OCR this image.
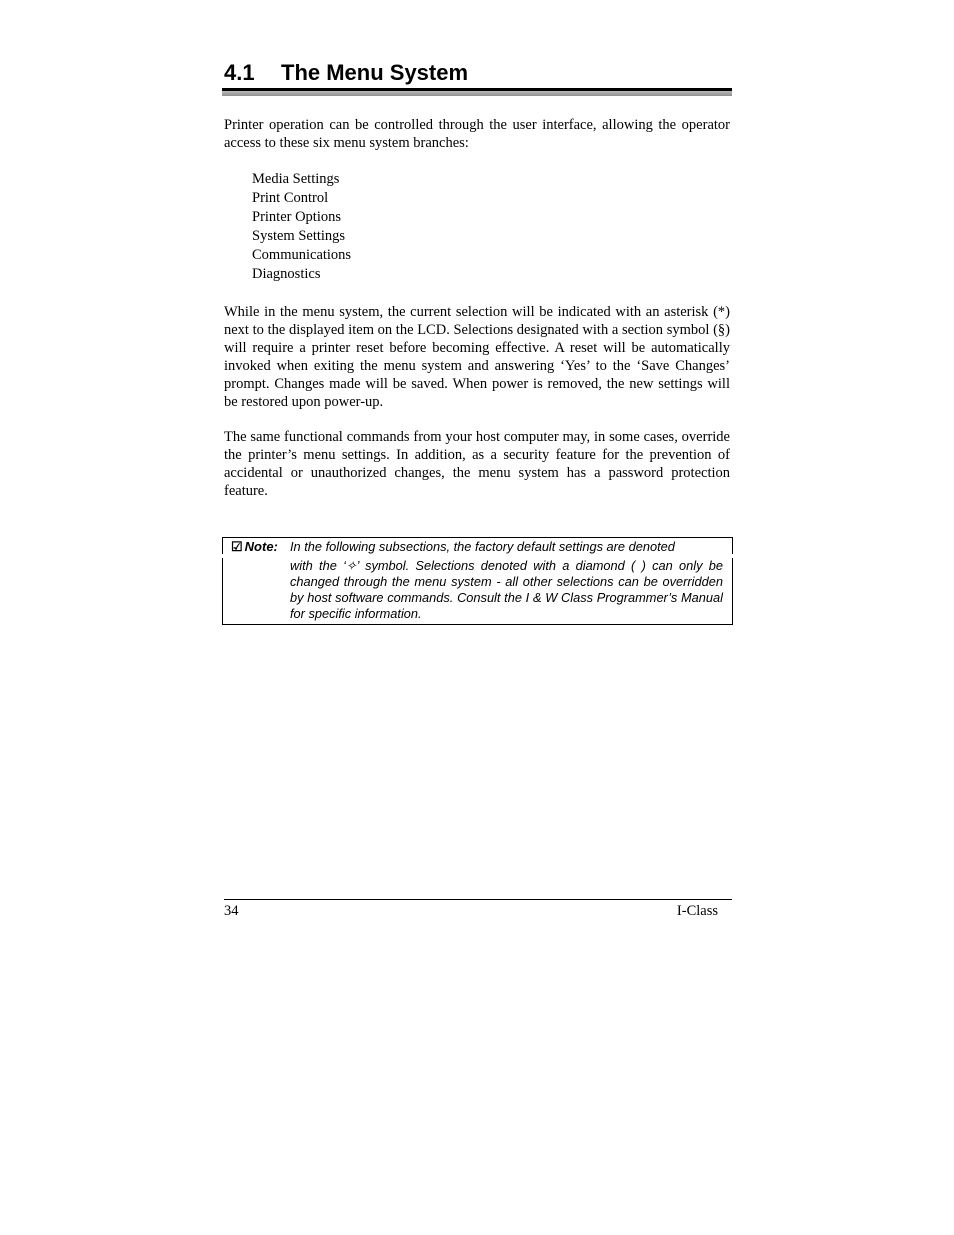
4.1 The Menu System

Printer operation can be controlled through the user interface, allowing the operator access to these six menu system branches:

Media Settings
Print Control
Printer Options
System Settings
Communications
Diagnostics

While in the menu system, the current selection will be indicated with an asterisk (*) next to the displayed item on the LCD. Selections designated with a section symbol (§) will require a printer reset before becoming effective. A reset will be automatically invoked when exiting the menu system and answering ‘Yes’ to the ‘Save Changes’ prompt. Changes made will be saved. When power is removed, the new settings will be restored upon power-up.

The same functional commands from your host computer may, in some cases, override the printer’s menu settings. In addition, as a security feature for the prevention of accidental or unauthorized changes, the menu system has a password protection feature.

☑ Note: In the following subsections, the factory default settings are denoted
with the ‘✧’ symbol. Selections denoted with a diamond ( ) can only be changed through the menu system - all other selections can be overridden by host software commands. Consult the I & W Class Programmer’s Manual for specific information.

34	I-Class
